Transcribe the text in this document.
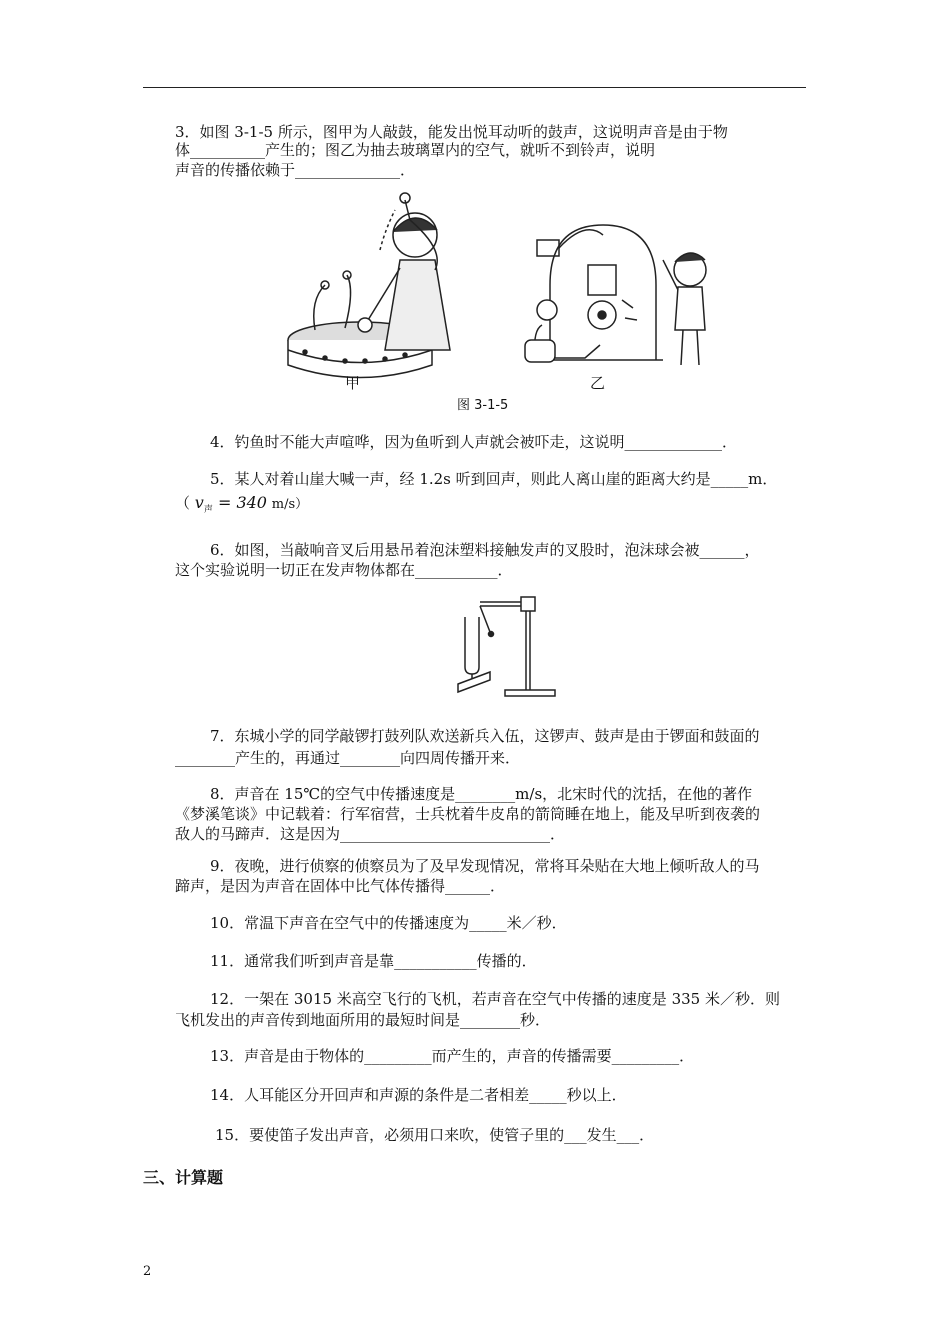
3．如图 3-1-5 所示，图甲为人敲鼓，能发出悦耳动听的鼓声，这说明声音是由于物
体__________产生的；图乙为抽去玻璃罩内的空气，就听不到铃声，说明
声音的传播依赖于______________．
甲	乙
图 3-1-5
4．钓鱼时不能大声喧哗，因为鱼听到人声就会被吓走，这说明_____________．
5．某人对着山崖大喊一声，经 1.2s 听到回声，则此人离山崖的距离大约是_____m．
（ $v_声 = 340$ m/s）
6．如图，当敲响音叉后用悬吊着泡沫塑料接触发声的叉股时，泡沫球会被______，
这个实验说明一切正在发声物体都在___________．
7．东城小学的同学敲锣打鼓列队欢送新兵入伍，这锣声、鼓声是由于锣面和鼓面的
________产生的，再通过________向四周传播开来．
8．声音在 15℃的空气中传播速度是________m/s，北宋时代的沈括，在他的著作
《梦溪笔谈》中记载着：行军宿营，士兵枕着牛皮帛的箭筒睡在地上，能及早听到夜袭的
敌人的马蹄声．这是因为____________________________．
9．夜晚，进行侦察的侦察员为了及早发现情况，常将耳朵贴在大地上倾听敌人的马
蹄声，是因为声音在固体中比气体传播得______．
10．常温下声音在空气中的传播速度为_____米／秒．
11．通常我们听到声音是靠___________传播的．
12．一架在 3015 米高空飞行的飞机，若声音在空气中传播的速度是 335 米／秒．则
飞机发出的声音传到地面所用的最短时间是________秒．
13．声音是由于物体的_________而产生的，声音的传播需要_________．
14．人耳能区分开回声和声源的条件是二者相差_____秒以上．
15．要使笛子发出声音，必须用口来吹，使管子里的___发生___．
三、计算题
2
